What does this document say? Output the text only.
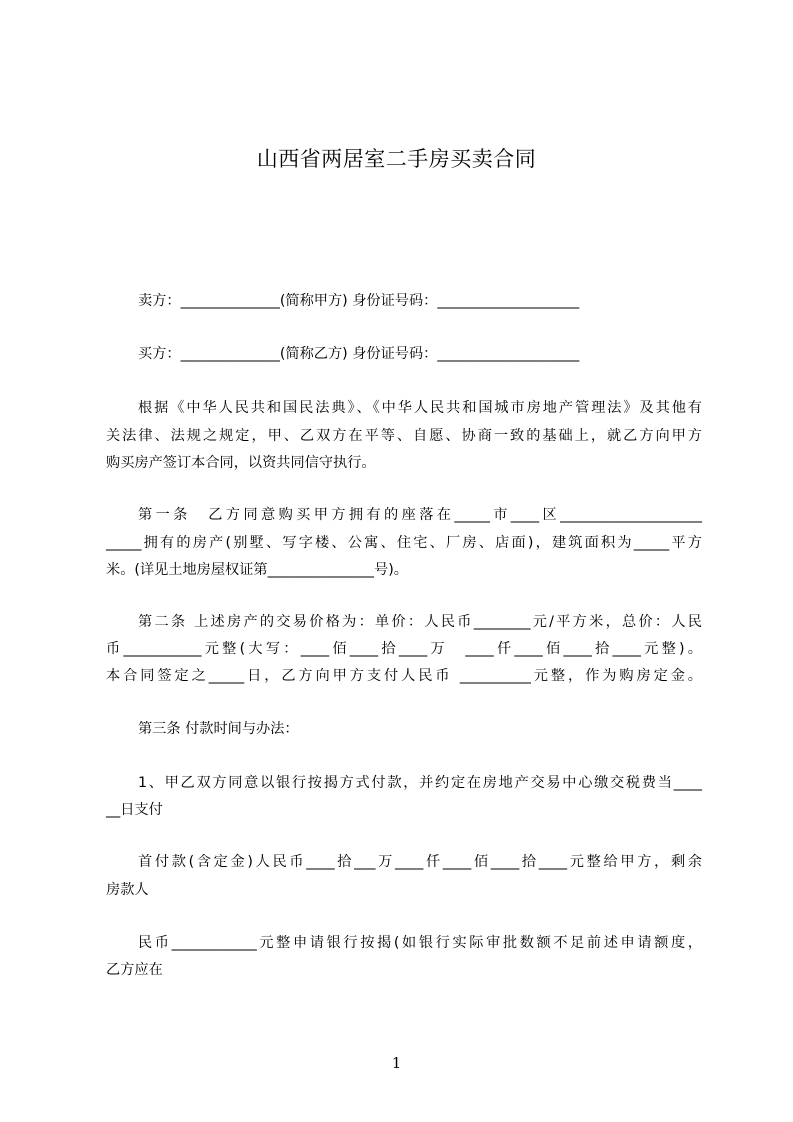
山西省两居室二手房买卖合同
卖方：______________(简称甲方) 身份证号码：____________________
买方：______________(简称乙方) 身份证号码：____________________
根据《中华人民共和国民法典》、《中华人民共和国城市房地产管理法》及其他有
关法律、法规之规定，甲、乙双方在平等、自愿、协商一致的基础上，就乙方向甲方
购买房产签订本合同，以资共同信守执行。
第一条　乙方同意购买甲方拥有的座落在_____市____区____________________
_____拥有的房产(别墅、写字楼、公寓、住宅、厂房、店面)，建筑面积为_____平方
米。(详见土地房屋权证第_______________号)。
第二条 上述房产的交易价格为：单价：人民币________元/平方米，总价：人民
币___________元整(大写：____佰____拾____万　____仟____佰____拾____元整)。
本合同签定之_____日，乙方向甲方支付人民币 __________元整，作为购房定金。
第三条 付款时间与办法：
1、甲乙双方同意以银行按揭方式付款，并约定在房地产交易中心缴交税费当____
__日支付
首付款(含定金)人民币____拾___万____仟____佰____拾____元整给甲方，剩余
房款人
民币____________元整申请银行按揭(如银行实际审批数额不足前述申请额度，
乙方应在
1
